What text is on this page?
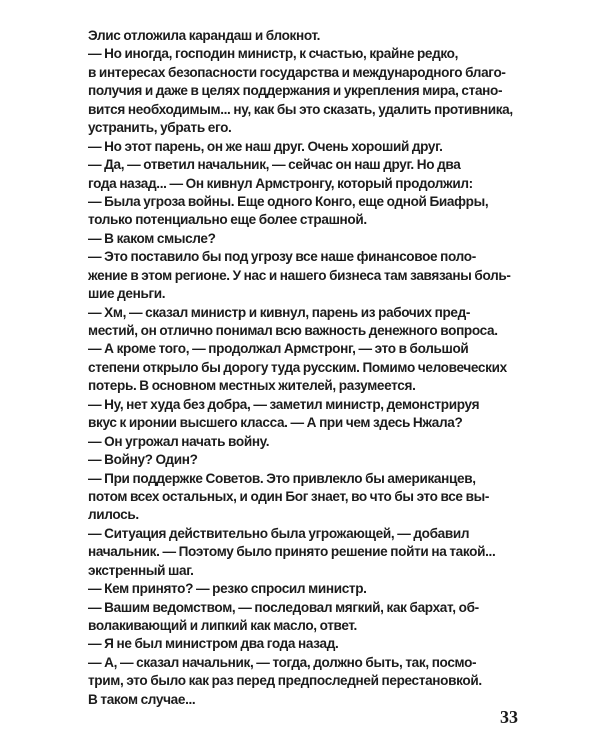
Элис отложила карандаш и блокнот.
— Но иногда, господин министр, к счастью, крайне редко,
в интересах безопасности государства и международного благо-
получия и даже в целях поддержания и укрепления мира, стано-
вится необходимым... ну, как бы это сказать, удалить противника,
устранить, убрать его.
— Но этот парень, он же наш друг. Очень хороший друг.
— Да, — ответил начальник, — сейчас он наш друг. Но два
года назад... — Он кивнул Армстронгу, который продолжил:
— Была угроза войны. Еще одного Конго, еще одной Биафры,
только потенциально еще более страшной.
— В каком смысле?
— Это поставило бы под угрозу все наше финансовое поло-
жение в этом регионе. У нас и нашего бизнеса там завязаны боль-
шие деньги.
— Хм, — сказал министр и кивнул, парень из рабочих пред-
местий, он отлично понимал всю важность денежного вопроса.
— А кроме того, — продолжал Армстронг, — это в большой
степени открыло бы дорогу туда русским. Помимо человеческих
потерь. В основном местных жителей, разумеется.
— Ну, нет худа без добра, — заметил министр, демонстрируя
вкус к иронии высшего класса. — А при чем здесь Нжала?
— Он угрожал начать войну.
— Войну? Один?
— При поддержке Советов. Это привлекло бы американцев,
потом всех остальных, и один Бог знает, во что бы это все вы-
лилось.
— Ситуация действительно была угрожающей, — добавил
начальник. — Поэтому было принято решение пойти на такой...
экстренный шаг.
— Кем принято? — резко спросил министр.
— Вашим ведомством, — последовал мягкий, как бархат, об-
волакивающий и липкий как масло, ответ.
— Я не был министром два года назад.
— А, — сказал начальник, — тогда, должно быть, так, посмо-
трим, это было как раз перед предпоследней перестановкой.
В таком случае...
33
